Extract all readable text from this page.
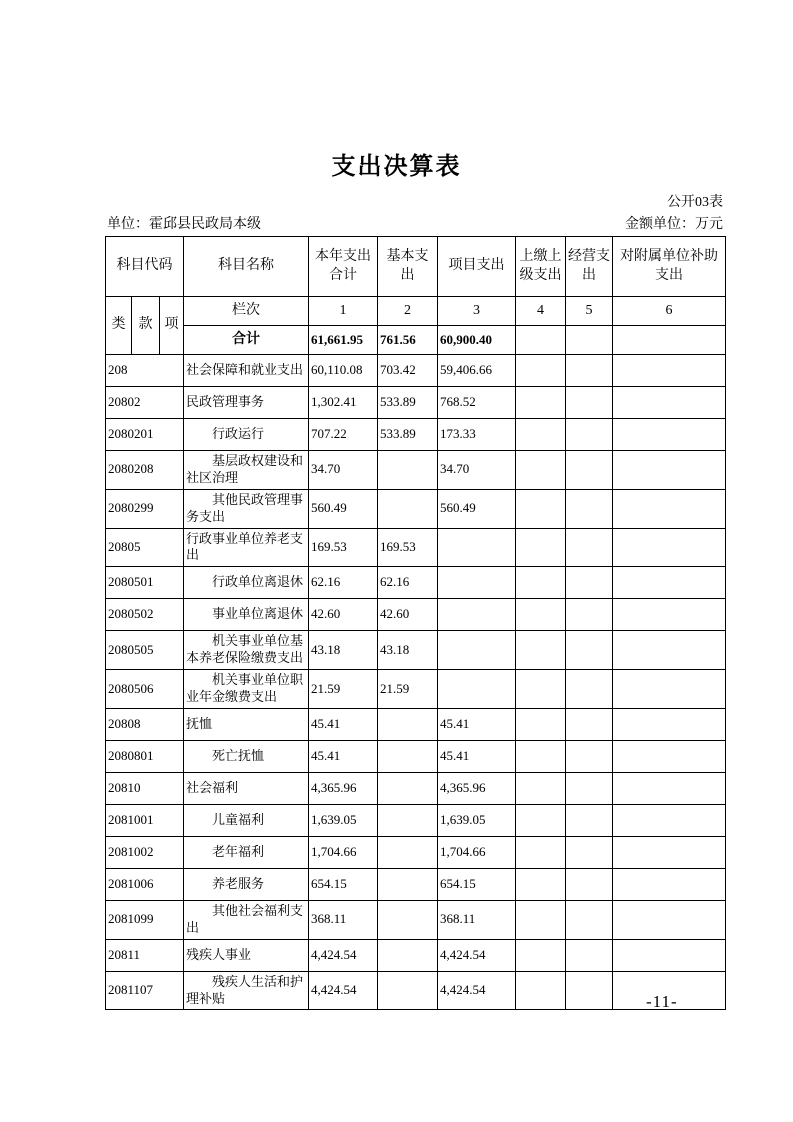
支出决算表
公开03表
单位：霍邱县民政局本级	金额单位：万元
科目代码			科目名称	本年支出合计	基本支出	项目支出	上缴上级支出	经营支出	对附属单位补助支出
类	款	项	栏次	1	2	3	4	5	6
			合计	61,661.95	761.56	60,900.40			
208			社会保障和就业支出	60,110.08	703.42	59,406.66			
20802			民政管理事务	1,302.41	533.89	768.52			
2080201			行政运行	707.22	533.89	173.33			
2080208			基层政权建设和社区治理	34.70		34.70			
2080299			其他民政管理事务支出	560.49		560.49			
20805			行政事业单位养老支出	169.53	169.53				
2080501			行政单位离退休	62.16	62.16				
2080502			事业单位离退休	42.60	42.60				
2080505			机关事业单位基本养老保险缴费支出	43.18	43.18				
2080506			机关事业单位职业年金缴费支出	21.59	21.59				
20808			抚恤	45.41		45.41			
2080801			死亡抚恤	45.41		45.41			
20810			社会福利	4,365.96		4,365.96			
2081001			儿童福利	1,639.05		1,639.05			
2081002			老年福利	1,704.66		1,704.66			
2081006			养老服务	654.15		654.15			
2081099			其他社会福利支出	368.11		368.11			
20811			残疾人事业	4,424.54		4,424.54			
2081107			残疾人生活和护理补贴	4,424.54		4,424.54			
-11-
